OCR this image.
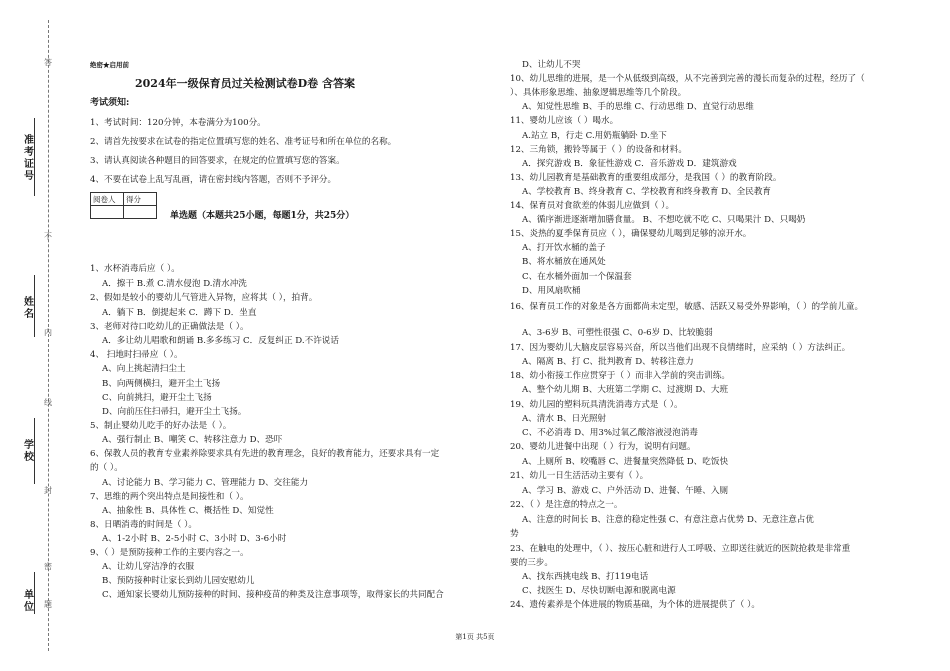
准考证号
姓名
学校
单位
答
不
内
线
封
密
题
绝密★启用前
2024年一级保育员过关检测试卷D卷 含答案
考试须知:
1、考试时间：120分钟，本卷满分为100分。
2、请首先按要求在试卷的指定位置填写您的姓名、准考证号和所在单位的名称。
3、请认真阅读各种题目的回答要求，在规定的位置填写您的答案。
4、不要在试卷上乱写乱画，请在密封线内答题，否则不予评分。
阅卷人	得分

单选题（本题共25小题，每题1分，共25分）
1、水杯消毒后应（ ）。
A．擦干 B.煮 C.清水侵泡 D.清水冲洗
2、假如是较小的婴幼儿气管进入异物，应将其（ ），拍背。
A．躺下 B．倒提起来 C．蹲下 D．坐直
3、老师对待口吃幼儿的正确做法是（ ）。
A．多让幼儿唱歌和朗诵 B.多多练习 C．反复纠正 D.不许说话
4、 扫地时扫帚应（ ）。
A、向上挑起清扫尘土
B、向两侧横扫，避开尘土飞扬
C、向前挑扫，避开尘土飞扬
D、向前压住扫帚扫，避开尘土飞扬。
5、制止婴幼儿吃手的好办法是（ ）。
A、强行制止 B、嘲笑 C、转移注意力 D、恐吓
6、保教人员的教育专业素养除要求具有先进的教育理念，良好的教育能力，还要求具有一定
的（ ）。
A、讨论能力 B、学习能力 C、管理能力 D、交往能力
7、思维的两个突出特点是间接性和（ ）。
A、抽象性 B、具体性 C、概括性 D、知觉性
8、日晒消毒的时间是（ ）。
A、1-2小时 B、2-5小时 C、3小时 D、3-6小时
9、（ ）是预防接种工作的主要内容之一。
A、让幼儿穿洁净的衣服
B、预防接种时让家长到幼儿园安慰幼儿
C、通知家长婴幼儿预防接种的时间、接种疫苗的种类及注意事项等，取得家长的共同配合
D、让幼儿不哭
10、幼儿思维的进展，是一个从低级到高级，从不完善到完善的漫长而复杂的过程，经历了（
）、具体形象思维、抽象逻辑思维等几个阶段。
A、知觉性思维 B、手的思维 C、行动思维 D、直觉行动思维
11、婴幼儿应该（ ）喝水。
A.站立 B，行走 C.用奶瓶躺卧 D.坐下
12、三角锁，搬铃等属于（ ）的设备和材料。
A．探究游戏 B．象征性游戏 C．音乐游戏 D．建筑游戏
13、幼儿园教育是基础教育的重要组成部分，是我国（ ）的教育阶段。
A、学校教育 B、终身教育 C、学校教育和终身教育 D、全民教育
14、保育员对食欲差的体弱儿应做到（ ）。
A、循序渐进逐渐增加膳食量。 B、不想吃就不吃 C、只喝果汁 D、只喝奶
15、炎热的夏季保育员应（ ），确保婴幼儿喝到足够的凉开水。
A、打开饮水桶的盖子
B、将水桶放在通风处
C、在水桶外面加一个保温套
D、用风扇吹桶
16、保育员工作的对象是各方面都尚未定型，敏感、活跃又易受外界影响，（ ）的学前儿童。
A、3-6岁 B、可塑性很强 C、0-6岁 D、比较脆弱
17、因为婴幼儿大脑皮层容易兴奋，所以当他们出现不良情绪时，应采纳（ ）方法纠正。
A、隔离 B、打 C、批判教育 D、转移注意力
18、幼小衔接工作应贯穿于（ ）而非入学前的突击训练。
A、整个幼儿期 B、大班第二学期 C、过渡期 D、大班
19、幼儿园的塑料玩具清洗消毒方式是（ ）。
A、清水 B、日光照射
C、不必消毒 D、用3%过氧乙酸溶液浸泡消毒
20、婴幼儿进餐中出现（ ）行为，说明有问题。
A、上厕所 B、咬嘴唇 C、进餐量突然降低 D、吃饭快
21、幼儿一日生活活动主要有（ ）。
A、学习 B、游戏 C、户外活动 D、进餐、午睡、入厕
22、（ ）是注意的特点之一。
A、注意的时间长 B、注意的稳定性强 C、有意注意占优势 D、无意注意占优
势
23、在触电的处理中，（ ）、按压心脏和进行人工呼吸、立即送往就近的医院抢救是非常重
要的三步。
A、找东西挑电线 B、打119电话
C、找医生 D、尽快切断电源和脱离电源
24、遗传素养是个体进展的物质基础，为个体的进展提供了（ ）。
第1页 共5页
